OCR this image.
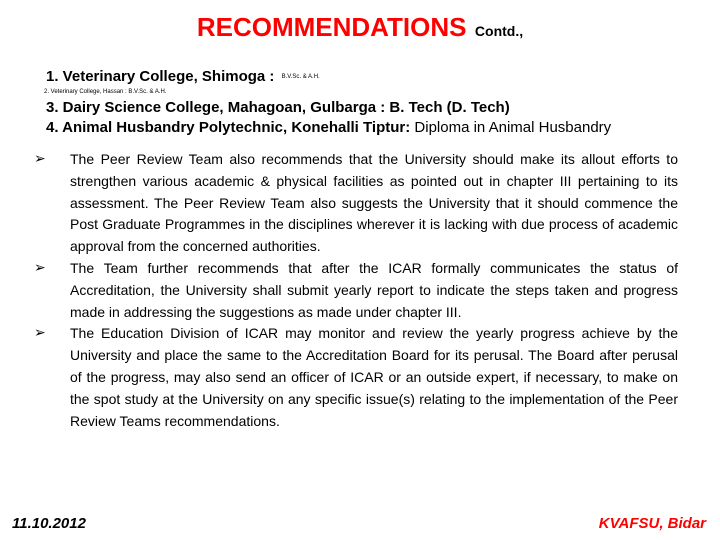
RECOMMENDATIONS Contd.,
1. Veterinary College, Shimoga : B.V.Sc. & A.H.
2. Veterinary College, Hassan : B.V.Sc. & A.H.
3. Dairy Science College, Mahagoan, Gulbarga : B. Tech (D. Tech)
4. Animal Husbandry Polytechnic, Konehalli Tiptur: Diploma in Animal Husbandry
➢	The Peer Review Team also recommends that the University should make its allout efforts to strengthen various academic & physical facilities as pointed out in chapter III pertaining to its assessment. The Peer Review Team also suggests the University that it should commence the Post Graduate Programmes in the disciplines wherever it is lacking with due process of academic approval from the concerned authorities.
➢	The Team further recommends that after the ICAR formally communicates the status of Accreditation, the University shall submit yearly report to indicate the steps taken and progress made in addressing the suggestions as made under chapter III.
➢	The Education Division of ICAR may monitor and review the yearly progress achieve by the University and place the same to the Accreditation Board for its perusal. The Board after perusal of the progress, may also send an officer of ICAR or an outside expert, if necessary, to make on the spot study at the University on any specific issue(s) relating to the implementation of the Peer Review Teams recommendations.
11.10.2012	KVAFSU, Bidar
